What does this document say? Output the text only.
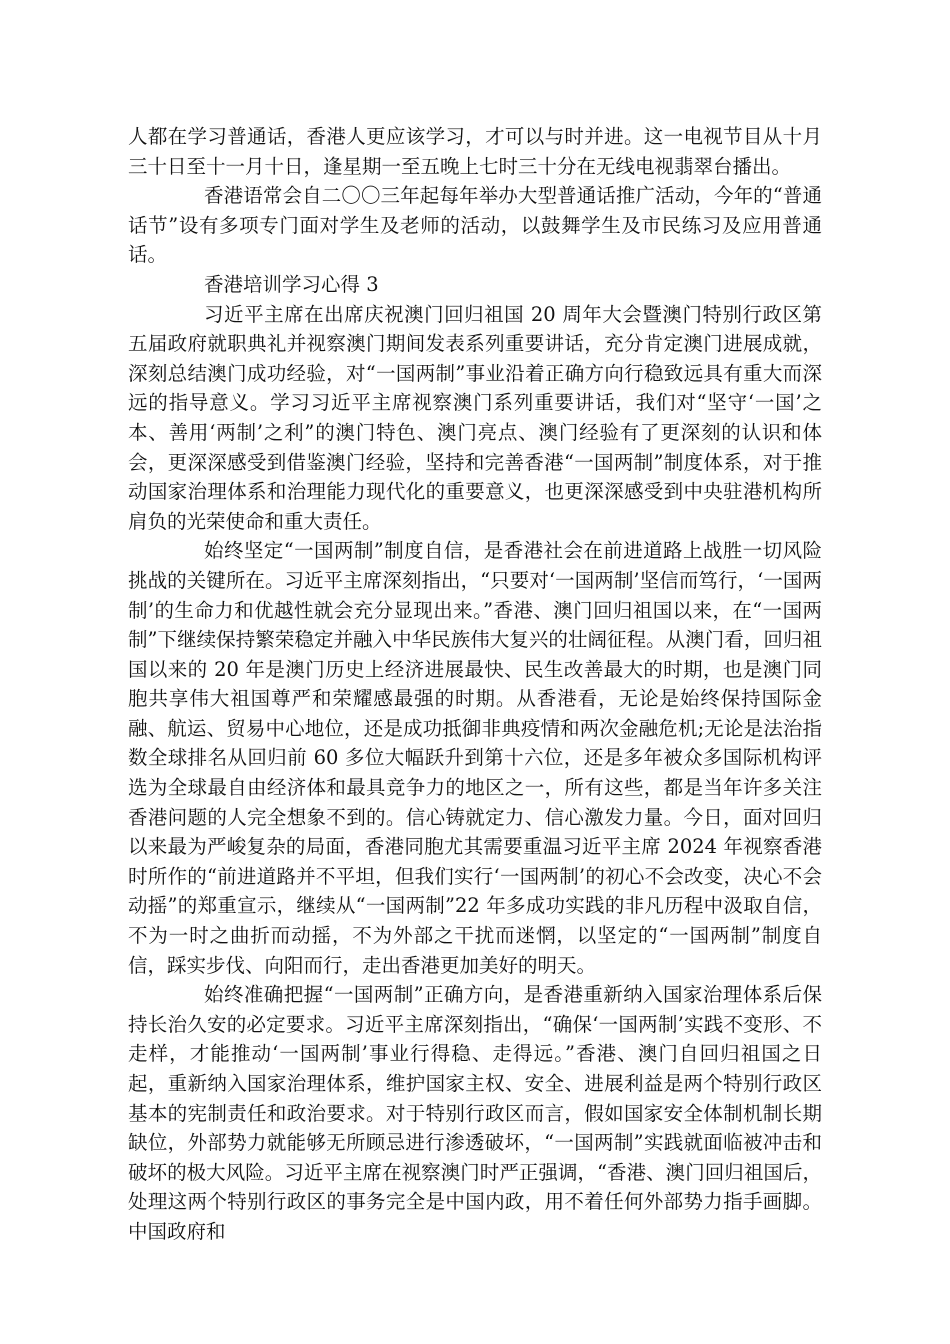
人都在学习普通话，香港人更应该学习，才可以与时并进。这一电视节目从十月三十日至十一月十日，逢星期一至五晚上七时三十分在无线电视翡翠台播出。

香港语常会自二〇〇三年起每年举办大型普通话推广活动，今年的“普通话节”设有多项专门面对学生及老师的活动，以鼓舞学生及市民练习及应用普通话。

香港培训学习心得 3

习近平主席在出席庆祝澳门回归祖国 20 周年大会暨澳门特别行政区第五届政府就职典礼并视察澳门期间发表系列重要讲话，充分肯定澳门进展成就，深刻总结澳门成功经验，对“一国两制”事业沿着正确方向行稳致远具有重大而深远的指导意义。学习习近平主席视察澳门系列重要讲话，我们对“坚守‘一国’之本、善用‘两制’之利”的澳门特色、澳门亮点、澳门经验有了更深刻的认识和体会，更深深感受到借鉴澳门经验，坚持和完善香港“一国两制”制度体系，对于推动国家治理体系和治理能力现代化的重要意义，也更深深感受到中央驻港机构所肩负的光荣使命和重大责任。

始终坚定“一国两制”制度自信，是香港社会在前进道路上战胜一切风险挑战的关键所在。习近平主席深刻指出，“只要对‘一国两制’坚信而笃行，‘一国两制’的生命力和优越性就会充分显现出来。”香港、澳门回归祖国以来，在“一国两制”下继续保持繁荣稳定并融入中华民族伟大复兴的壮阔征程。从澳门看，回归祖国以来的 20 年是澳门历史上经济进展最快、民生改善最大的时期，也是澳门同胞共享伟大祖国尊严和荣耀感最强的时期。从香港看，无论是始终保持国际金融、航运、贸易中心地位，还是成功抵御非典疫情和两次金融危机;无论是法治指数全球排名从回归前 60 多位大幅跃升到第十六位，还是多年被众多国际机构评选为全球最自由经济体和最具竞争力的地区之一，所有这些，都是当年许多关注香港问题的人完全想象不到的。信心铸就定力、信心激发力量。今日，面对回归以来最为严峻复杂的局面，香港同胞尤其需要重温习近平主席 2024 年视察香港时所作的“前进道路并不平坦，但我们实行‘一国两制’的初心不会改变，决心不会动摇”的郑重宣示，继续从“一国两制”22 年多成功实践的非凡历程中汲取自信，不为一时之曲折而动摇，不为外部之干扰而迷惘，以坚定的“一国两制”制度自信，踩实步伐、向阳而行，走出香港更加美好的明天。

始终准确把握“一国两制”正确方向，是香港重新纳入国家治理体系后保持长治久安的必定要求。习近平主席深刻指出，“确保‘一国两制’实践不变形、不走样，才能推动‘一国两制’事业行得稳、走得远。”香港、澳门自回归祖国之日起，重新纳入国家治理体系，维护国家主权、安全、进展利益是两个特别行政区基本的宪制责任和政治要求。对于特别行政区而言，假如国家安全体制机制长期缺位，外部势力就能够无所顾忌进行渗透破坏，“一国两制”实践就面临被冲击和破坏的极大风险。习近平主席在视察澳门时严正强调，“香港、澳门回归祖国后，处理这两个特别行政区的事务完全是中国内政，用不着任何外部势力指手画脚。中国政府和
